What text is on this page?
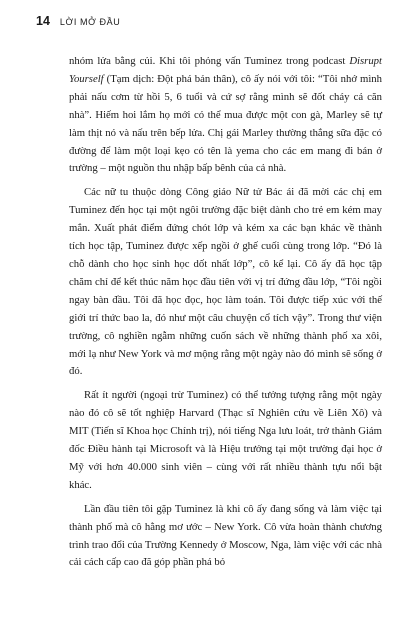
14 LỜI MỞ ĐẦU

nhóm lửa bằng củi. Khi tôi phỏng vấn Tuminez trong podcast Disrupt Yourself (Tạm dịch: Đột phá bản thân), cô ấy nói với tôi: “Tôi nhớ mình phải nấu cơm từ hồi 5, 6 tuổi và cứ sợ rằng mình sẽ đốt cháy cả căn nhà”. Hiếm hoi lắm họ mới có thể mua được một con gà, Marley sẽ tự làm thịt nó và nấu trên bếp lửa. Chị gái Marley thường thắng sữa đặc có đường để làm một loại kẹo có tên là yema cho các em mang đi bán ở trường – một nguồn thu nhập bấp bênh của cả nhà.

Các nữ tu thuộc dòng Công giáo Nữ tử Bác ái đã mời các chị em Tuminez đến học tại một ngôi trường đặc biệt dành cho trẻ em kém may mắn. Xuất phát điểm đứng chót lớp và kém xa các bạn khác về thành tích học tập, Tuminez được xếp ngồi ở ghế cuối cùng trong lớp. “Đó là chỗ dành cho học sinh học dốt nhất lớp”, cô kể lại. Cô ấy đã học tập chăm chỉ để kết thúc năm học đầu tiên với vị trí đứng đầu lớp, “Tôi ngồi ngay bàn đầu. Tôi đã học đọc, học làm toán. Tôi được tiếp xúc với thế giới trí thức bao la, đó như một câu chuyện cổ tích vậy”. Trong thư viện trường, cô nghiền ngẫm những cuốn sách về những thành phố xa xôi, mới lạ như New York và mơ mộng rằng một ngày nào đó mình sẽ sống ở đó.

Rất ít người (ngoại trừ Tuminez) có thể tưởng tượng rằng một ngày nào đó cô sẽ tốt nghiệp Harvard (Thạc sĩ Nghiên cứu về Liên Xô) và MIT (Tiến sĩ Khoa học Chính trị), nói tiếng Nga lưu loát, trở thành Giám đốc Điều hành tại Microsoft và là Hiệu trưởng tại một trường đại học ở Mỹ với hơn 40.000 sinh viên – cùng với rất nhiều thành tựu nổi bật khác.

Lần đầu tiên tôi gặp Tuminez là khi cô ấy đang sống và làm việc tại thành phố mà cô hằng mơ ước – New York. Cô vừa hoàn thành chương trình trao đổi của Trường Kennedy ở Moscow, Nga, làm việc với các nhà cải cách cấp cao đã góp phần phá bỏ
